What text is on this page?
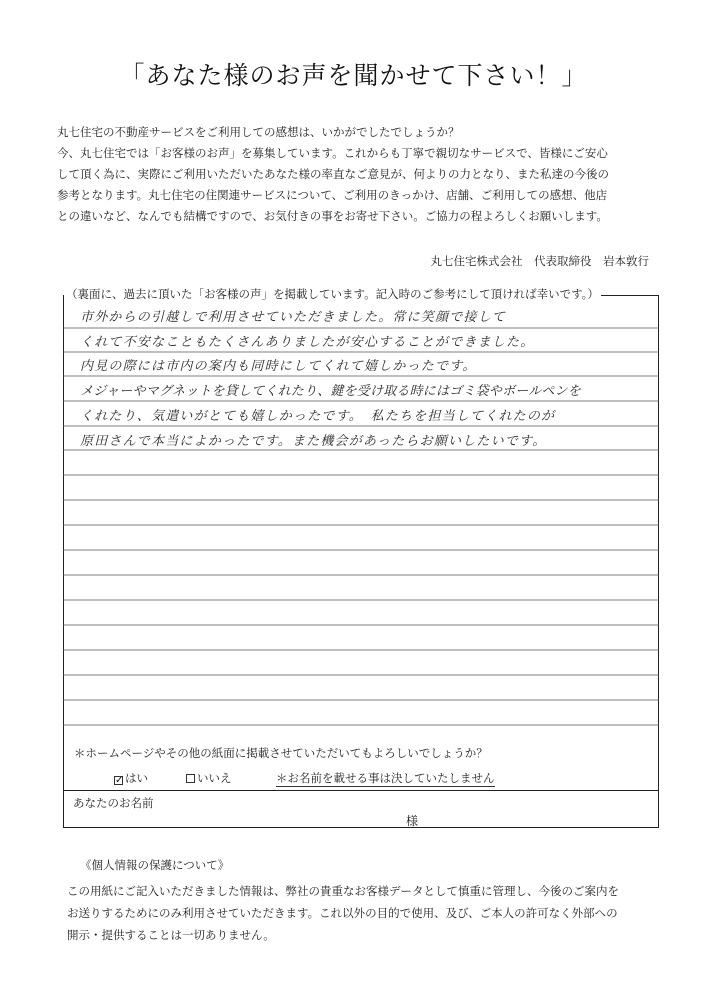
「あなた様のお声を聞かせて下さい！」

丸七住宅の不動産サービスをご利用しての感想は、いかがでしたでしょうか？

今、丸七住宅では「お客様のお声」を募集しています。これからも丁寧で親切なサービスで、皆様にご安心

して頂く為に、実際にご利用いただいたあなた様の率直なご意見が、何よりの力となり、また私達の今後の

参考となります。丸七住宅の住関連サービスについて、ご利用のきっかけ、店舗、ご利用しての感想、他店

との違いなど、なんでも結構ですので、お気付きの事をお寄せ下さい。ご協力の程よろしくお願いします。

丸七住宅株式会社　代表取締役　岩本敦行
（裏面に、過去に頂いた「お客様の声」を掲載しています。記入時のご参考にして頂ければ幸いです。）
市外からの引越しで利用させていただきました。常に笑顔で接して
くれて不安なこともたくさんありましたが安心することができました。
内見の際には市内の案内も同時にしてくれて嬉しかったです。
メジャーやマグネットを貸してくれたり、鍵を受け取る時にはゴミ袋やボールペンを
くれたり、気遣いがとても嬉しかったです。　私たちを担当してくれたのが
原田さんで本当によかったです。また機会があったらお願いしたいです。
＊ホームページやその他の紙面に掲載させていただいてもよろしいでしょうか？
✓ はい	いいえ	＊お名前を載せる事は決していたしません
あなたのお名前
様
《個人情報の保護について》

この用紙にご記入いただきました情報は、弊社の貴重なお客様データとして慎重に管理し、今後のご案内を

お送りするためにのみ利用させていただきます。これ以外の目的で使用、及び、ご本人の許可なく外部への

開示・提供することは一切ありません。
